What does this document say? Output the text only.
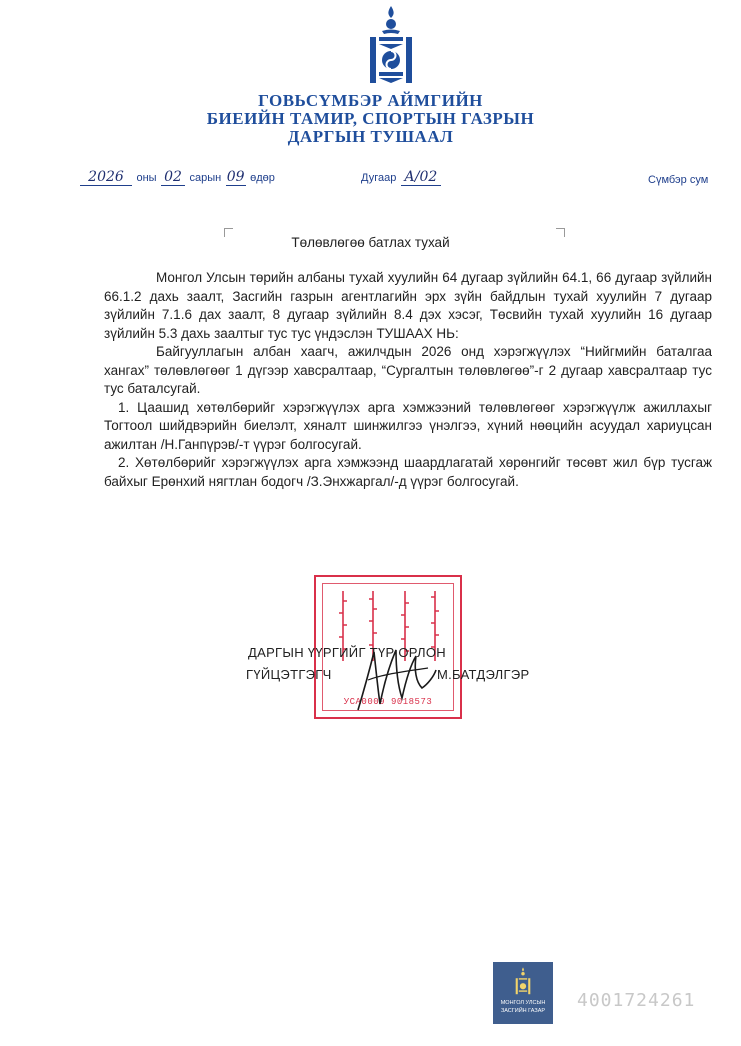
ГОВЬСҮМБЭР АЙМГИЙН
БИЕИЙН ТАМИР, СПОРТЫН ГАЗРЫН
ДАРГЫН ТУШААЛ
2026 оны 02 сарын 09 өдөр	Дугаар А/02	Сүмбэр сум
Төлөвлөгөө батлах тухай

Монгол Улсын төрийн албаны тухай хуулийн 64 дугаар зүйлийн 64.1, 66 дугаар зүйлийн 66.1.2 дахь заалт, Засгийн газрын агентлагийн эрх зүйн байдлын тухай хуулийн 7 дугаар зүйлийн 7.1.6 дах заалт, 8 дугаар зүйлийн 8.4 дэх хэсэг, Төсвийн тухай хуулийн 16 дугаар зүйлийн 5.3 дахь заалтыг тус тус үндэслэн ТУШААХ НЬ:

Байгууллагын албан хаагч, ажилчдын 2026 онд хэрэгжүүлэх “Нийгмийн баталгаа хангах” төлөвлөгөөг 1 дүгээр хавсралтаар, “Сургалтын төлөвлөгөө”-г 2 дугаар хавсралтаар тус тус баталсугай.

1. Цаашид хөтөлбөрийг хэрэгжүүлэх арга хэмжээний төлөвлөгөөг хэрэгжүүлж ажиллахыг Тогтоол шийдвэрийн биелэлт, хяналт шинжилгээ үнэлгээ, хүний нөөцийн асуудал хариуцсан ажилтан /Н.Ганпүрэв/-т үүрэг болгосугай.

2. Хөтөлбөрийг хэрэгжүүлэх арга хэмжээнд шаардлагатай хөрөнгийг төсөвт жил бүр тусгаж байхыг Ерөнхий нягтлан бодогч /З.Энхжаргал/-д үүрэг болгосугай.

УСА0009 9018573
ДАРГЫН ҮҮРГИЙГ ТҮР ОРЛОН
ГҮЙЦЭТГЭГЧ	М.БАТДЭЛГЭР
МОНГОЛ УЛСЫН
ЗАСГИЙН ГАЗАР	4001724261
